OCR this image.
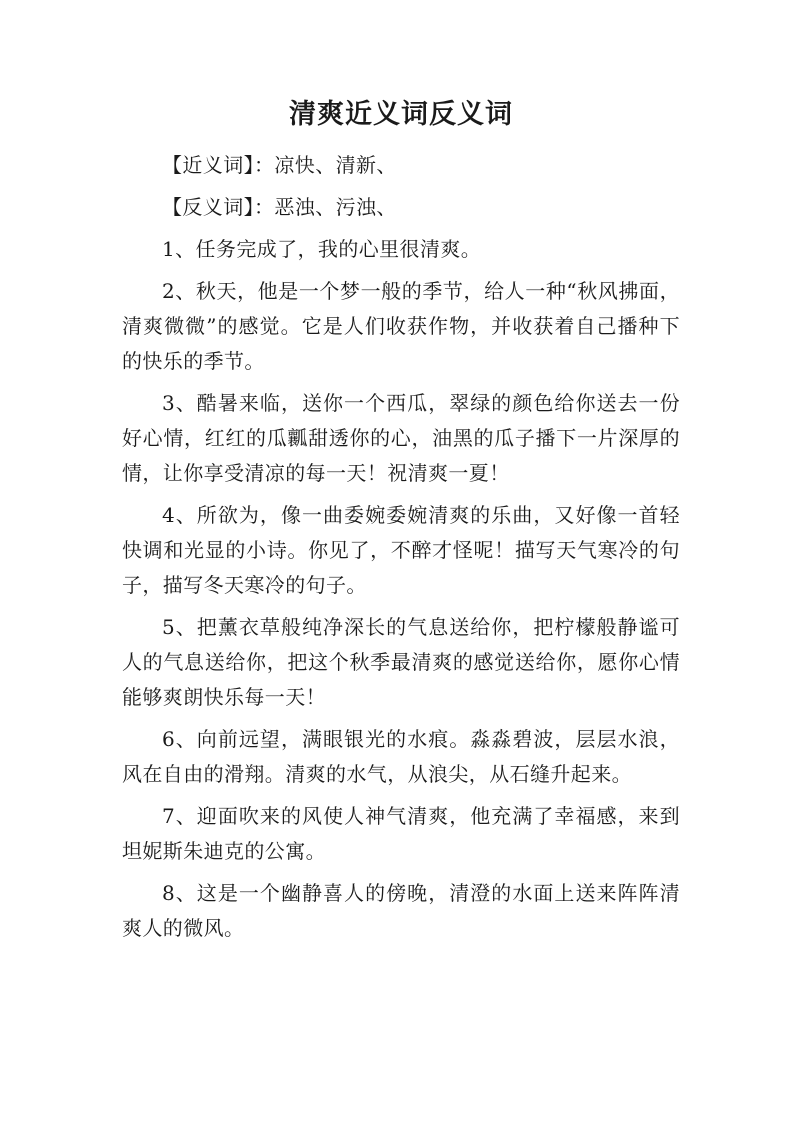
清爽近义词反义词

【近义词】：凉快、清新、

【反义词】：恶浊、污浊、

1、任务完成了，我的心里很清爽。

2、秋天，他是一个梦一般的季节，给人一种“秋风拂面，清爽微微”的感觉。它是人们收获作物，并收获着自己播种下的快乐的季节。

3、酷暑来临，送你一个西瓜，翠绿的颜色给你送去一份好心情，红红的瓜瓤甜透你的心，油黑的瓜子播下一片深厚的情，让你享受清凉的每一天！祝清爽一夏！

4、所欲为，像一曲委婉委婉清爽的乐曲，又好像一首轻快调和光显的小诗。你见了，不醉才怪呢！描写天气寒冷的句子，描写冬天寒冷的句子。

5、把薰衣草般纯净深长的气息送给你，把柠檬般静谧可人的气息送给你，把这个秋季最清爽的感觉送给你，愿你心情能够爽朗快乐每一天！

6、向前远望，满眼银光的水痕。淼淼碧波，层层水浪，风在自由的滑翔。清爽的水气，从浪尖，从石缝升起来。

7、迎面吹来的风使人神气清爽，他充满了幸福感，来到坦妮斯朱迪克的公寓。

8、这是一个幽静喜人的傍晚，清澄的水面上送来阵阵清爽人的微风。
